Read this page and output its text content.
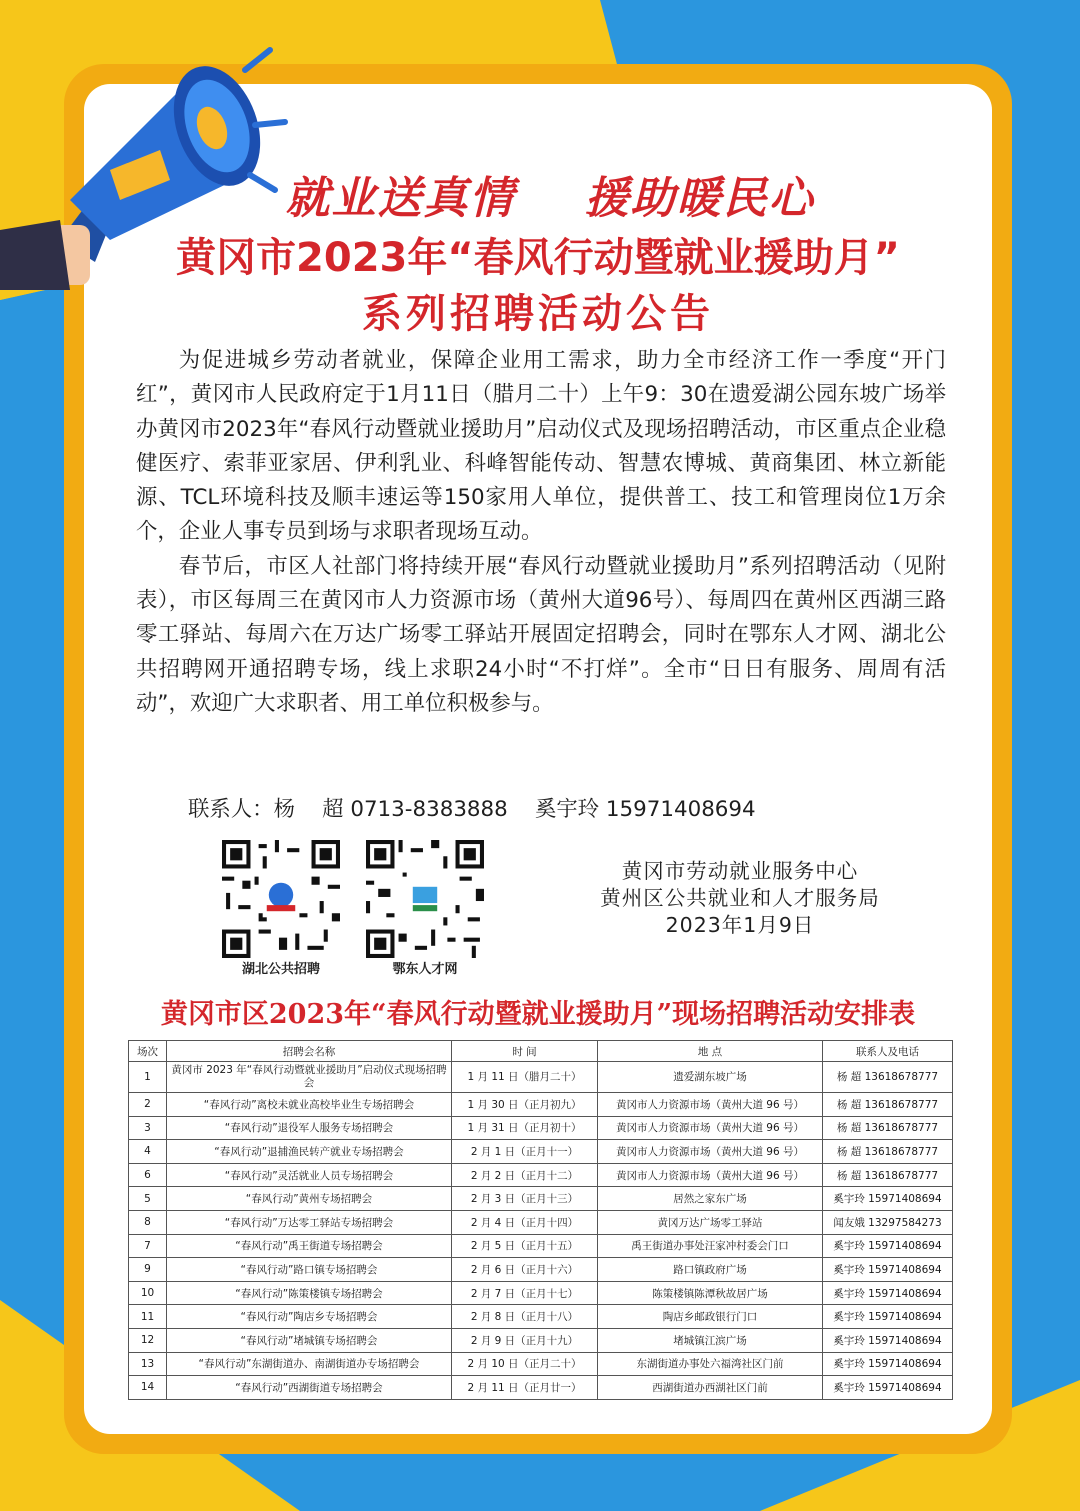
就业送真情    援助暖民心
黄冈市2023年“春风行动暨就业援助月”
系列招聘活动公告

为促进城乡劳动者就业，保障企业用工需求，助力全市经济工作一季度“开门红”，黄冈市人民政府定于1月11日（腊月二十）上午9：30在遗爱湖公园东坡广场举办黄冈市2023年“春风行动暨就业援助月”启动仪式及现场招聘活动，市区重点企业稳健医疗、索菲亚家居、伊利乳业、科峰智能传动、智慧农博城、黄商集团、林立新能源、TCL环境科技及顺丰速运等150家用人单位，提供普工、技工和管理岗位1万余个，企业人事专员到场与求职者现场互动。

春节后，市区人社部门将持续开展“春风行动暨就业援助月”系列招聘活动（见附表），市区每周三在黄冈市人力资源市场（黄州大道96号）、每周四在黄州区西湖三路零工驿站、每周六在万达广场零工驿站开展固定招聘会，同时在鄂东人才网、湖北公共招聘网开通招聘专场，线上求职24小时“不打烊”。全市“日日有服务、周周有活动”，欢迎广大求职者、用工单位积极参与。

联系人：杨    超 0713-8383888    奚宇玲 15971408694
湖北公共招聘	鄂东人才网
黄冈市劳动就业服务中心
黄州区公共就业和人才服务局
2023年1月9日
黄冈市区2023年“春风行动暨就业援助月”现场招聘活动安排表
场次	招聘会名称	时 间	地 点	联系人及电话
1	黄冈市 2023 年“春风行动暨就业援助月”启动仪式现场招聘会	1 月 11 日（腊月二十）	遗爱湖东坡广场	杨 超 13618678777
2	“春风行动”离校未就业高校毕业生专场招聘会	1 月 30 日（正月初九）	黄冈市人力资源市场（黄州大道 96 号）	杨 超 13618678777
3	“春风行动”退役军人服务专场招聘会	1 月 31 日（正月初十）	黄冈市人力资源市场（黄州大道 96 号）	杨 超 13618678777
4	“春风行动”退捕渔民转产就业专场招聘会	2 月 1 日（正月十一）	黄冈市人力资源市场（黄州大道 96 号）	杨 超 13618678777
6	“春风行动”灵活就业人员专场招聘会	2 月 2 日（正月十二）	黄冈市人力资源市场（黄州大道 96 号）	杨 超 13618678777
5	“春风行动”黄州专场招聘会	2 月 3 日（正月十三）	居然之家东广场	奚宇玲 15971408694
8	“春风行动”万达零工驿站专场招聘会	2 月 4 日（正月十四）	黄冈万达广场零工驿站	闻友娥 13297584273
7	“春风行动”禹王街道专场招聘会	2 月 5 日（正月十五）	禹王街道办事处汪家冲村委会门口	奚宇玲 15971408694
9	“春风行动”路口镇专场招聘会	2 月 6 日（正月十六）	路口镇政府广场	奚宇玲 15971408694
10	“春风行动”陈策楼镇专场招聘会	2 月 7 日（正月十七）	陈策楼镇陈潭秋故居广场	奚宇玲 15971408694
11	“春风行动”陶店乡专场招聘会	2 月 8 日（正月十八）	陶店乡邮政银行门口	奚宇玲 15971408694
12	“春风行动”堵城镇专场招聘会	2 月 9 日（正月十九）	堵城镇江滨广场	奚宇玲 15971408694
13	“春风行动”东湖街道办、南湖街道办专场招聘会	2 月 10 日（正月二十）	东湖街道办事处六福湾社区门前	奚宇玲 15971408694
14	“春风行动”西湖街道专场招聘会	2 月 11 日（正月廿一）	西湖街道办西湖社区门前	奚宇玲 15971408694
